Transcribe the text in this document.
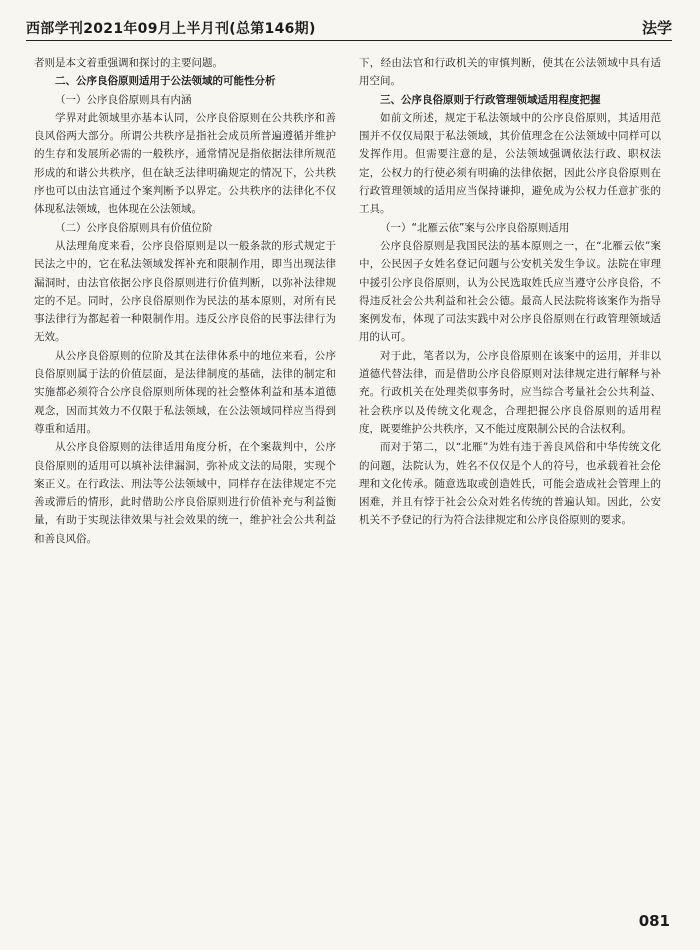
西部学刊2021年09月上半月刊(总第146期)	法学

者则是本文着重强调和探讨的主要问题。

二、公序良俗原则适用于公法领域的可能性分析
（一）公序良俗原则具有内涵

学界对此领域里亦基本认同，公序良俗原则在公共秩序和善良风俗两大部分。所谓公共秩序是指社会成员所普遍遵循并维护的生存和发展所必需的一般秩序，通常情况是指依据法律所规范形成的和谐公共秩序，但在缺乏法律明确规定的情况下，公共秩序也可以由法官通过个案判断予以界定。公共秩序的法律化不仅体现私法领域，也体现在公法领域。

（二）公序良俗原则具有价值位阶

从法理角度来看，公序良俗原则是以一般条款的形式规定于民法之中的，它在私法领域发挥补充和限制作用，即当出现法律漏洞时，由法官依据公序良俗原则进行价值判断，以弥补法律规定的不足。同时，公序良俗原则作为民法的基本原则，对所有民事法律行为都起着一种限制作用。违反公序良俗的民事法律行为无效。

从公序良俗原则的位阶及其在法律体系中的地位来看，公序良俗原则属于法的价值层面，是法律制度的基础，法律的制定和实施都必须符合公序良俗原则所体现的社会整体利益和基本道德观念，因而其效力不仅限于私法领域，在公法领域同样应当得到尊重和适用。

从公序良俗原则的法律适用角度分析，在个案裁判中，公序良俗原则的适用可以填补法律漏洞，弥补成文法的局限，实现个案正义。在行政法、刑法等公法领域中，同样存在法律规定不完善或滞后的情形，此时借助公序良俗原则进行价值补充与利益衡量，有助于实现法律效果与社会效果的统一，维护社会公共利益和善良风俗。

下，经由法官和行政机关的审慎判断，使其在公法领域中具有适用空间。

三、公序良俗原则于行政管理领域适用程度把握

如前文所述，规定于私法领域中的公序良俗原则，其适用范围并不仅仅局限于私法领域，其价值理念在公法领域中同样可以发挥作用。但需要注意的是，公法领域强调依法行政、职权法定，公权力的行使必须有明确的法律依据，因此公序良俗原则在行政管理领域的适用应当保持谦抑，避免成为公权力任意扩张的工具。

（一）“北雁云依”案与公序良俗原则适用

公序良俗原则是我国民法的基本原则之一，在“北雁云依”案中，公民因子女姓名登记问题与公安机关发生争议。法院在审理中援引公序良俗原则，认为公民选取姓氏应当遵守公序良俗，不得违反社会公共利益和社会公德。最高人民法院将该案作为指导案例发布，体现了司法实践中对公序良俗原则在行政管理领域适用的认可。

对于此，笔者以为，公序良俗原则在该案中的运用，并非以道德代替法律，而是借助公序良俗原则对法律规定进行解释与补充。行政机关在处理类似事务时，应当综合考量社会公共利益、社会秩序以及传统文化观念，合理把握公序良俗原则的适用程度，既要维护公共秩序，又不能过度限制公民的合法权利。

而对于第二，以“北雁”为姓有违于善良风俗和中华传统文化的问题，法院认为，姓名不仅仅是个人的符号，也承载着社会伦理和文化传承。随意选取或创造姓氏，可能会造成社会管理上的困难，并且有悖于社会公众对姓名传统的普遍认知。因此，公安机关不予登记的行为符合法律规定和公序良俗原则的要求。

081
